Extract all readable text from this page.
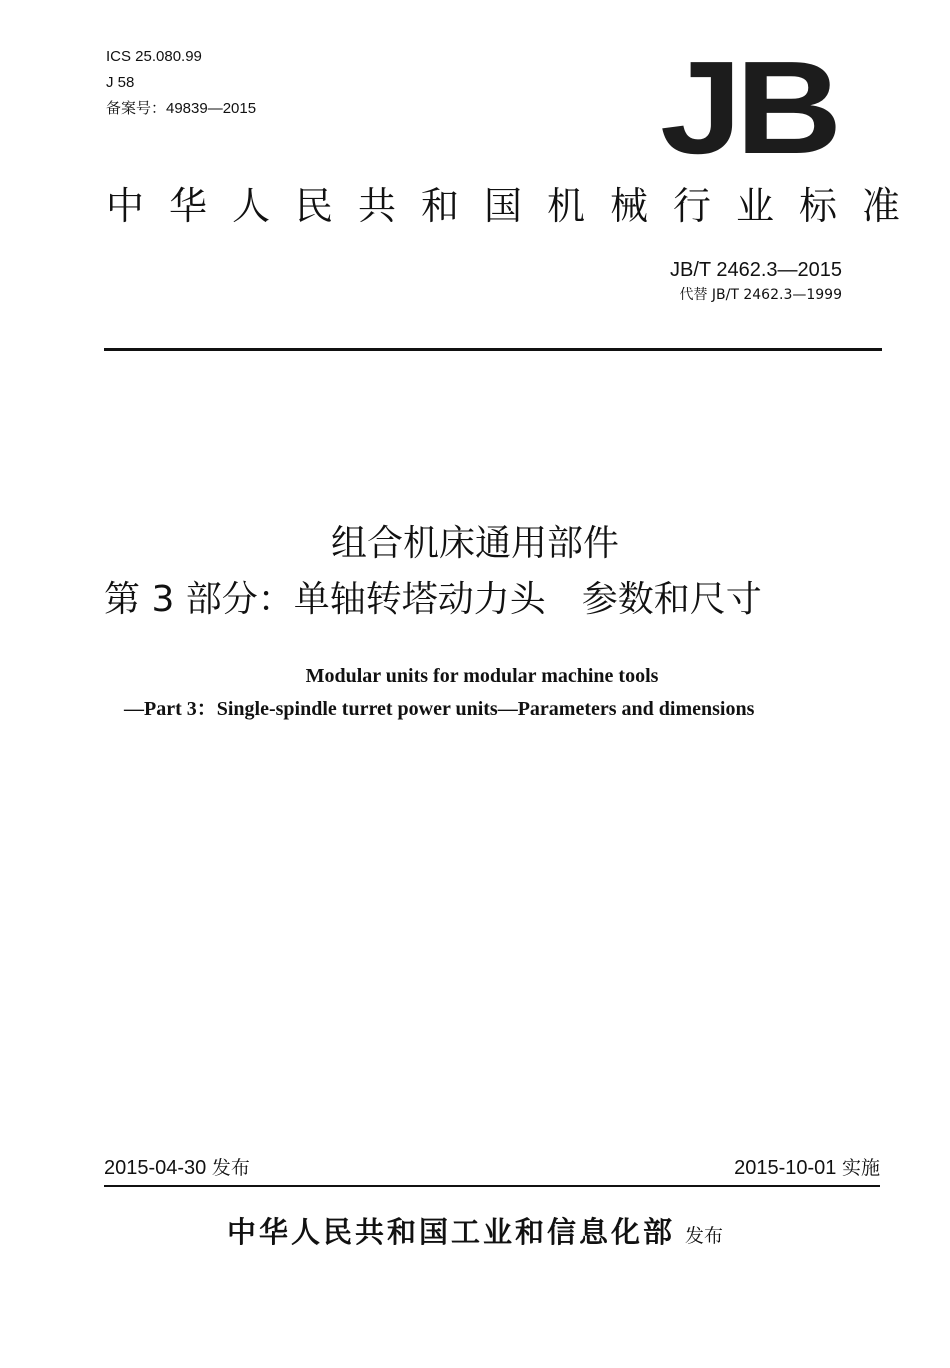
ICS 25.080.99
J 58
备案号：49839—2015	JB
中华人民共和国机械行业标准
JB/T 2462.3—2015
代替 JB/T 2462.3—1999
组合机床通用部件
第 3 部分：单轴转塔动力头　参数和尺寸
Modular units for modular machine tools
—Part 3：Single-spindle turret power units—Parameters and dimensions
2015-04-30 发布	2015-10-01 实施
中华人民共和国工业和信息化部 发布
